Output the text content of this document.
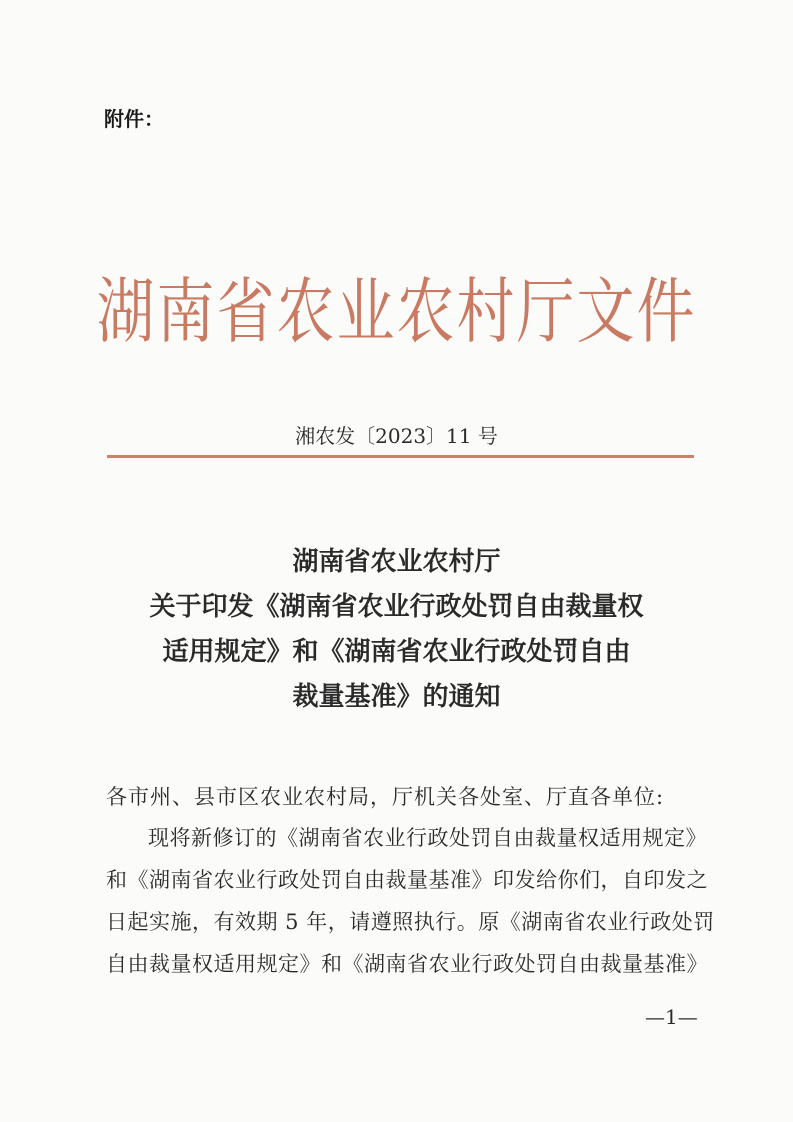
附件：
湖南省农业农村厅文件
湘农发〔2023〕11 号
湖南省农业农村厅
关于印发《湖南省农业行政处罚自由裁量权
适用规定》和《湖南省农业行政处罚自由
裁量基准》的通知
各市州、县市区农业农村局，厅机关各处室、厅直各单位:
现将新修订的《湖南省农业行政处罚自由裁量权适用规定》
和《湖南省农业行政处罚自由裁量基准》印发给你们，自印发之
日起实施，有效期 5 年，请遵照执行。原《湖南省农业行政处罚
自由裁量权适用规定》和《湖南省农业行政处罚自由裁量基准》
—1—
